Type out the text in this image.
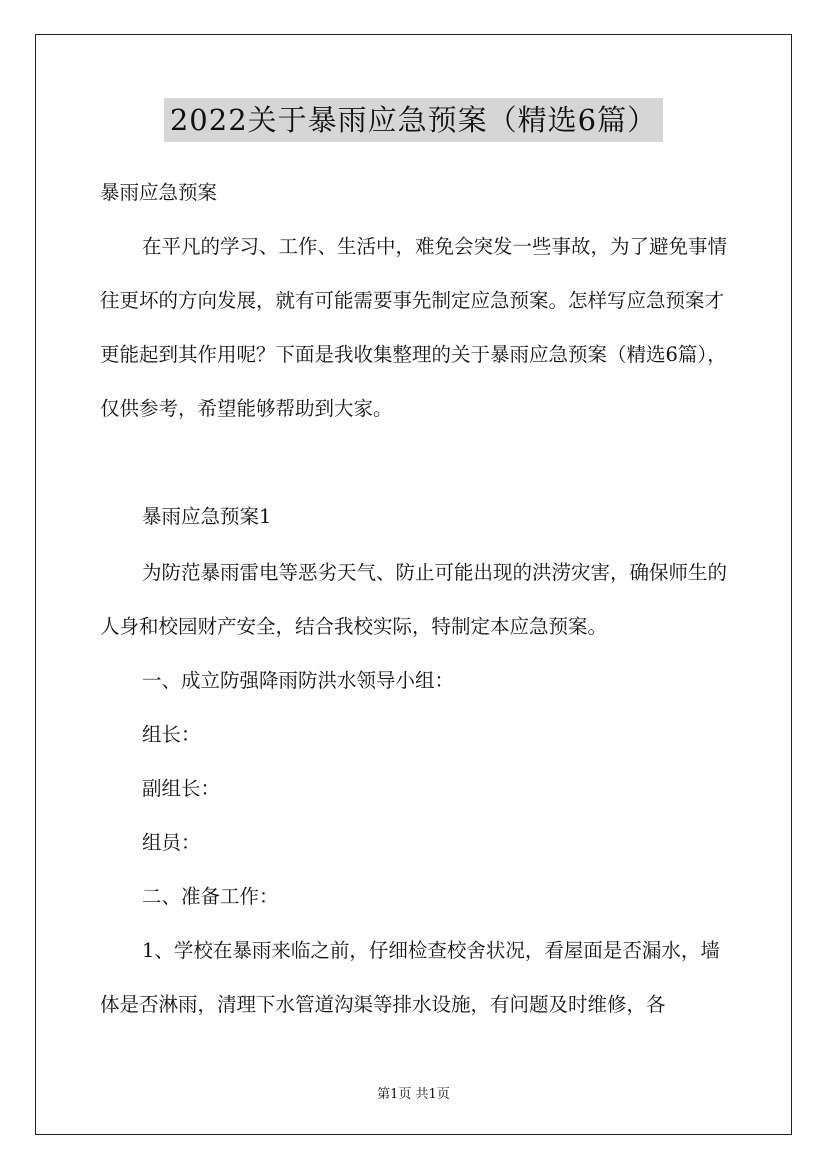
2022关于暴雨应急预案（精选6篇）

暴雨应急预案

在平凡的学习、工作、生活中，难免会突发一些事故，为了避免事情往更坏的方向发展，就有可能需要事先制定应急预案。怎样写应急预案才更能起到其作用呢？下面是我收集整理的关于暴雨应急预案（精选6篇），仅供参考，希望能够帮助到大家。

暴雨应急预案1

为防范暴雨雷电等恶劣天气、防止可能出现的洪涝灾害，确保师生的人身和校园财产安全，结合我校实际，特制定本应急预案。

一、成立防强降雨防洪水领导小组：

组长：

副组长：

组员：

二、准备工作：

1、学校在暴雨来临之前，仔细检查校舍状况，看屋面是否漏水，墙体是否淋雨，清理下水管道沟渠等排水设施，有问题及时维修，各

第1页 共1页
